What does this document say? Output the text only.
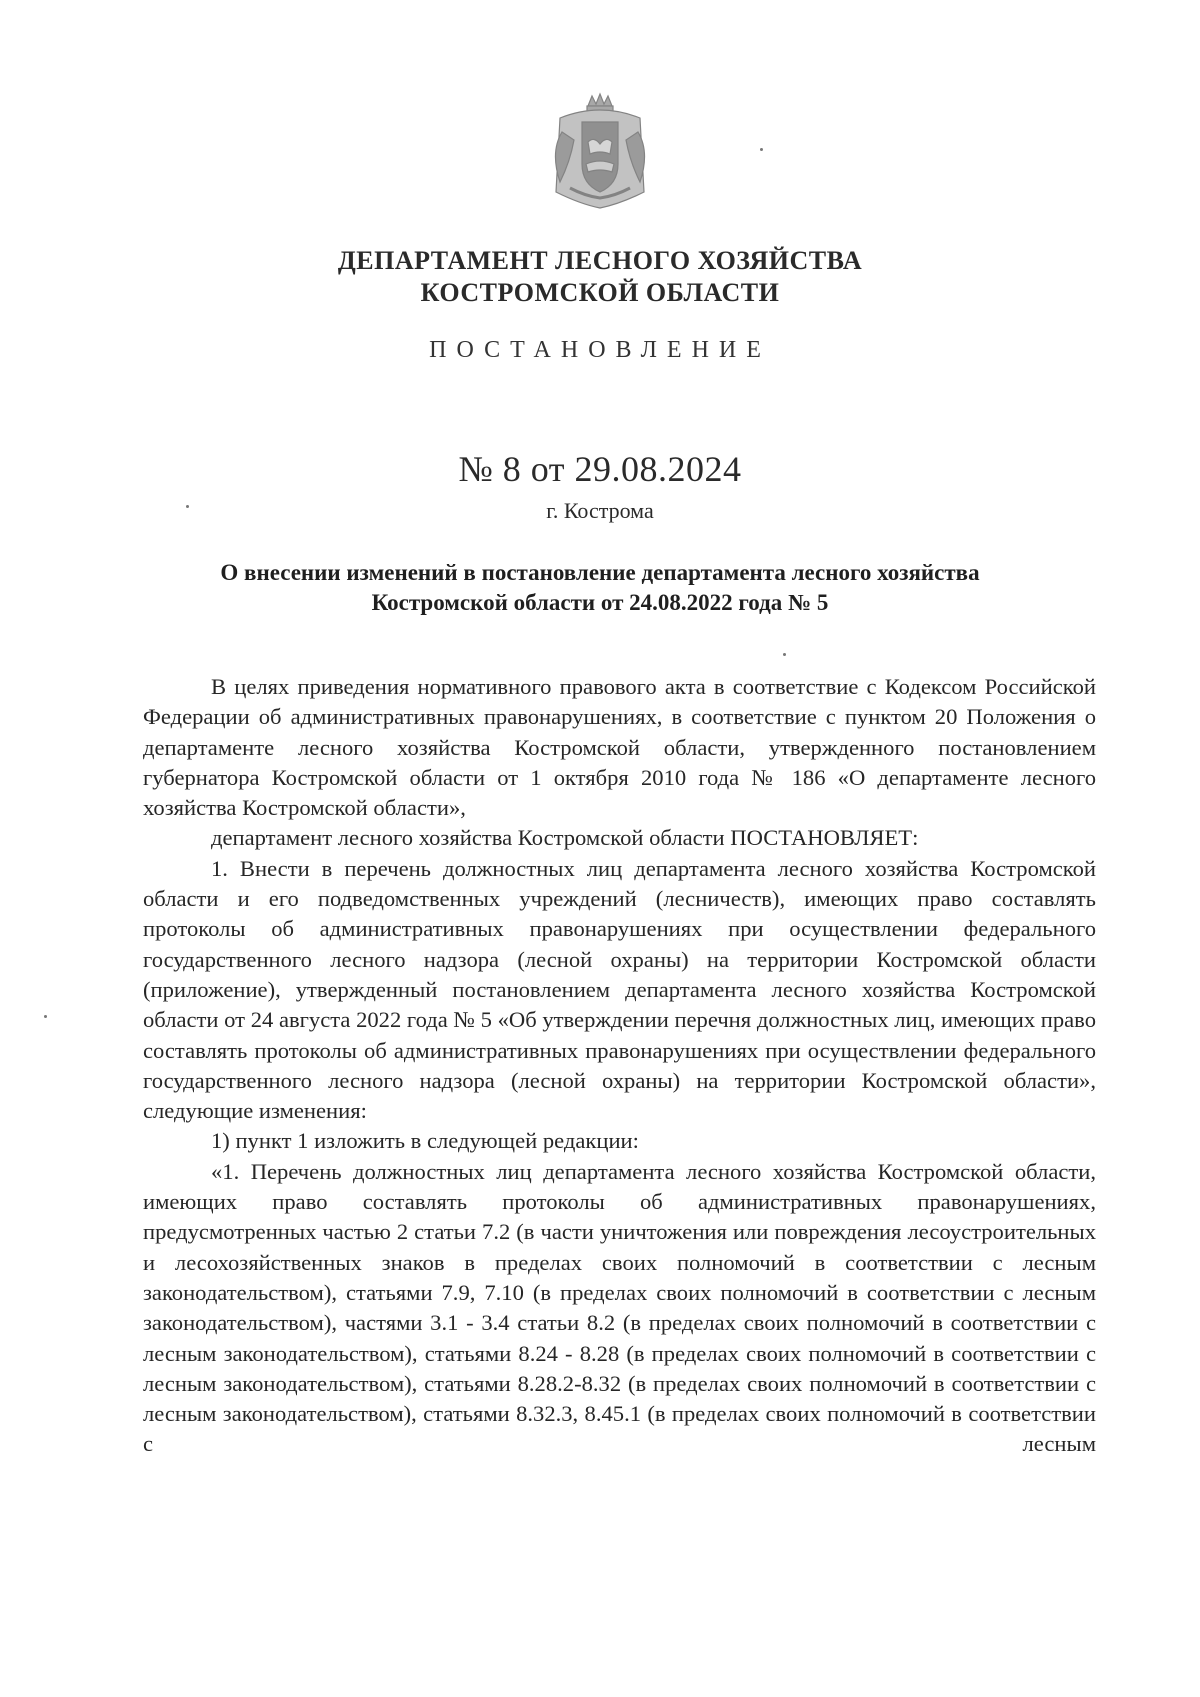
ДЕПАРТАМЕНТ ЛЕСНОГО ХОЗЯЙСТВА
КОСТРОМСКОЙ ОБЛАСТИ
ПОСТАНОВЛЕНИЕ
№ 8 от 29.08.2024
г. Кострома
О внесении изменений в постановление департамента лесного хозяйства
Костромской области от 24.08.2022 года № 5

В целях приведения нормативного правового акта в соответствие с Кодексом Российской Федерации об административных правонарушениях, в соответствие с пунктом 20 Положения о департаменте лесного хозяйства Костромской области, утвержденного постановлением губернатора Костромской области от 1 октября 2010 года № 186 «О департаменте лесного хозяйства Костромской области»,

департамент лесного хозяйства Костромской области ПОСТАНОВЛЯЕТ:

1. Внести в перечень должностных лиц департамента лесного хозяйства Костромской области и его подведомственных учреждений (лесничеств), имеющих право составлять протоколы об административных правонарушениях при осуществлении федерального государственного лесного надзора (лесной охраны) на территории Костромской области (приложение), утвержденный постановлением департамента лесного хозяйства Костромской области от 24 августа 2022 года № 5 «Об утверждении перечня должностных лиц, имеющих право составлять протоколы об административных правонарушениях при осуществлении федерального государственного лесного надзора (лесной охраны) на территории Костромской области», следующие изменения:

1) пункт 1 изложить в следующей редакции:

«1. Перечень должностных лиц департамента лесного хозяйства Костромской области, имеющих право составлять протоколы об административных правонарушениях, предусмотренных частью 2 статьи 7.2 (в части уничтожения или повреждения лесоустроительных и лесохозяйственных знаков в пределах своих полномочий в соответствии с лесным законодательством), статьями 7.9, 7.10 (в пределах своих полномочий в соответствии с лесным законодательством), частями 3.1 - 3.4 статьи 8.2 (в пределах своих полномочий в соответствии с лесным законодательством), статьями 8.24 - 8.28 (в пределах своих полномочий в соответствии с лесным законодательством), статьями 8.28.2-8.32 (в пределах своих полномочий в соответствии с лесным законодательством), статьями 8.32.3, 8.45.1 (в пределах своих полномочий в соответствии с лесным
